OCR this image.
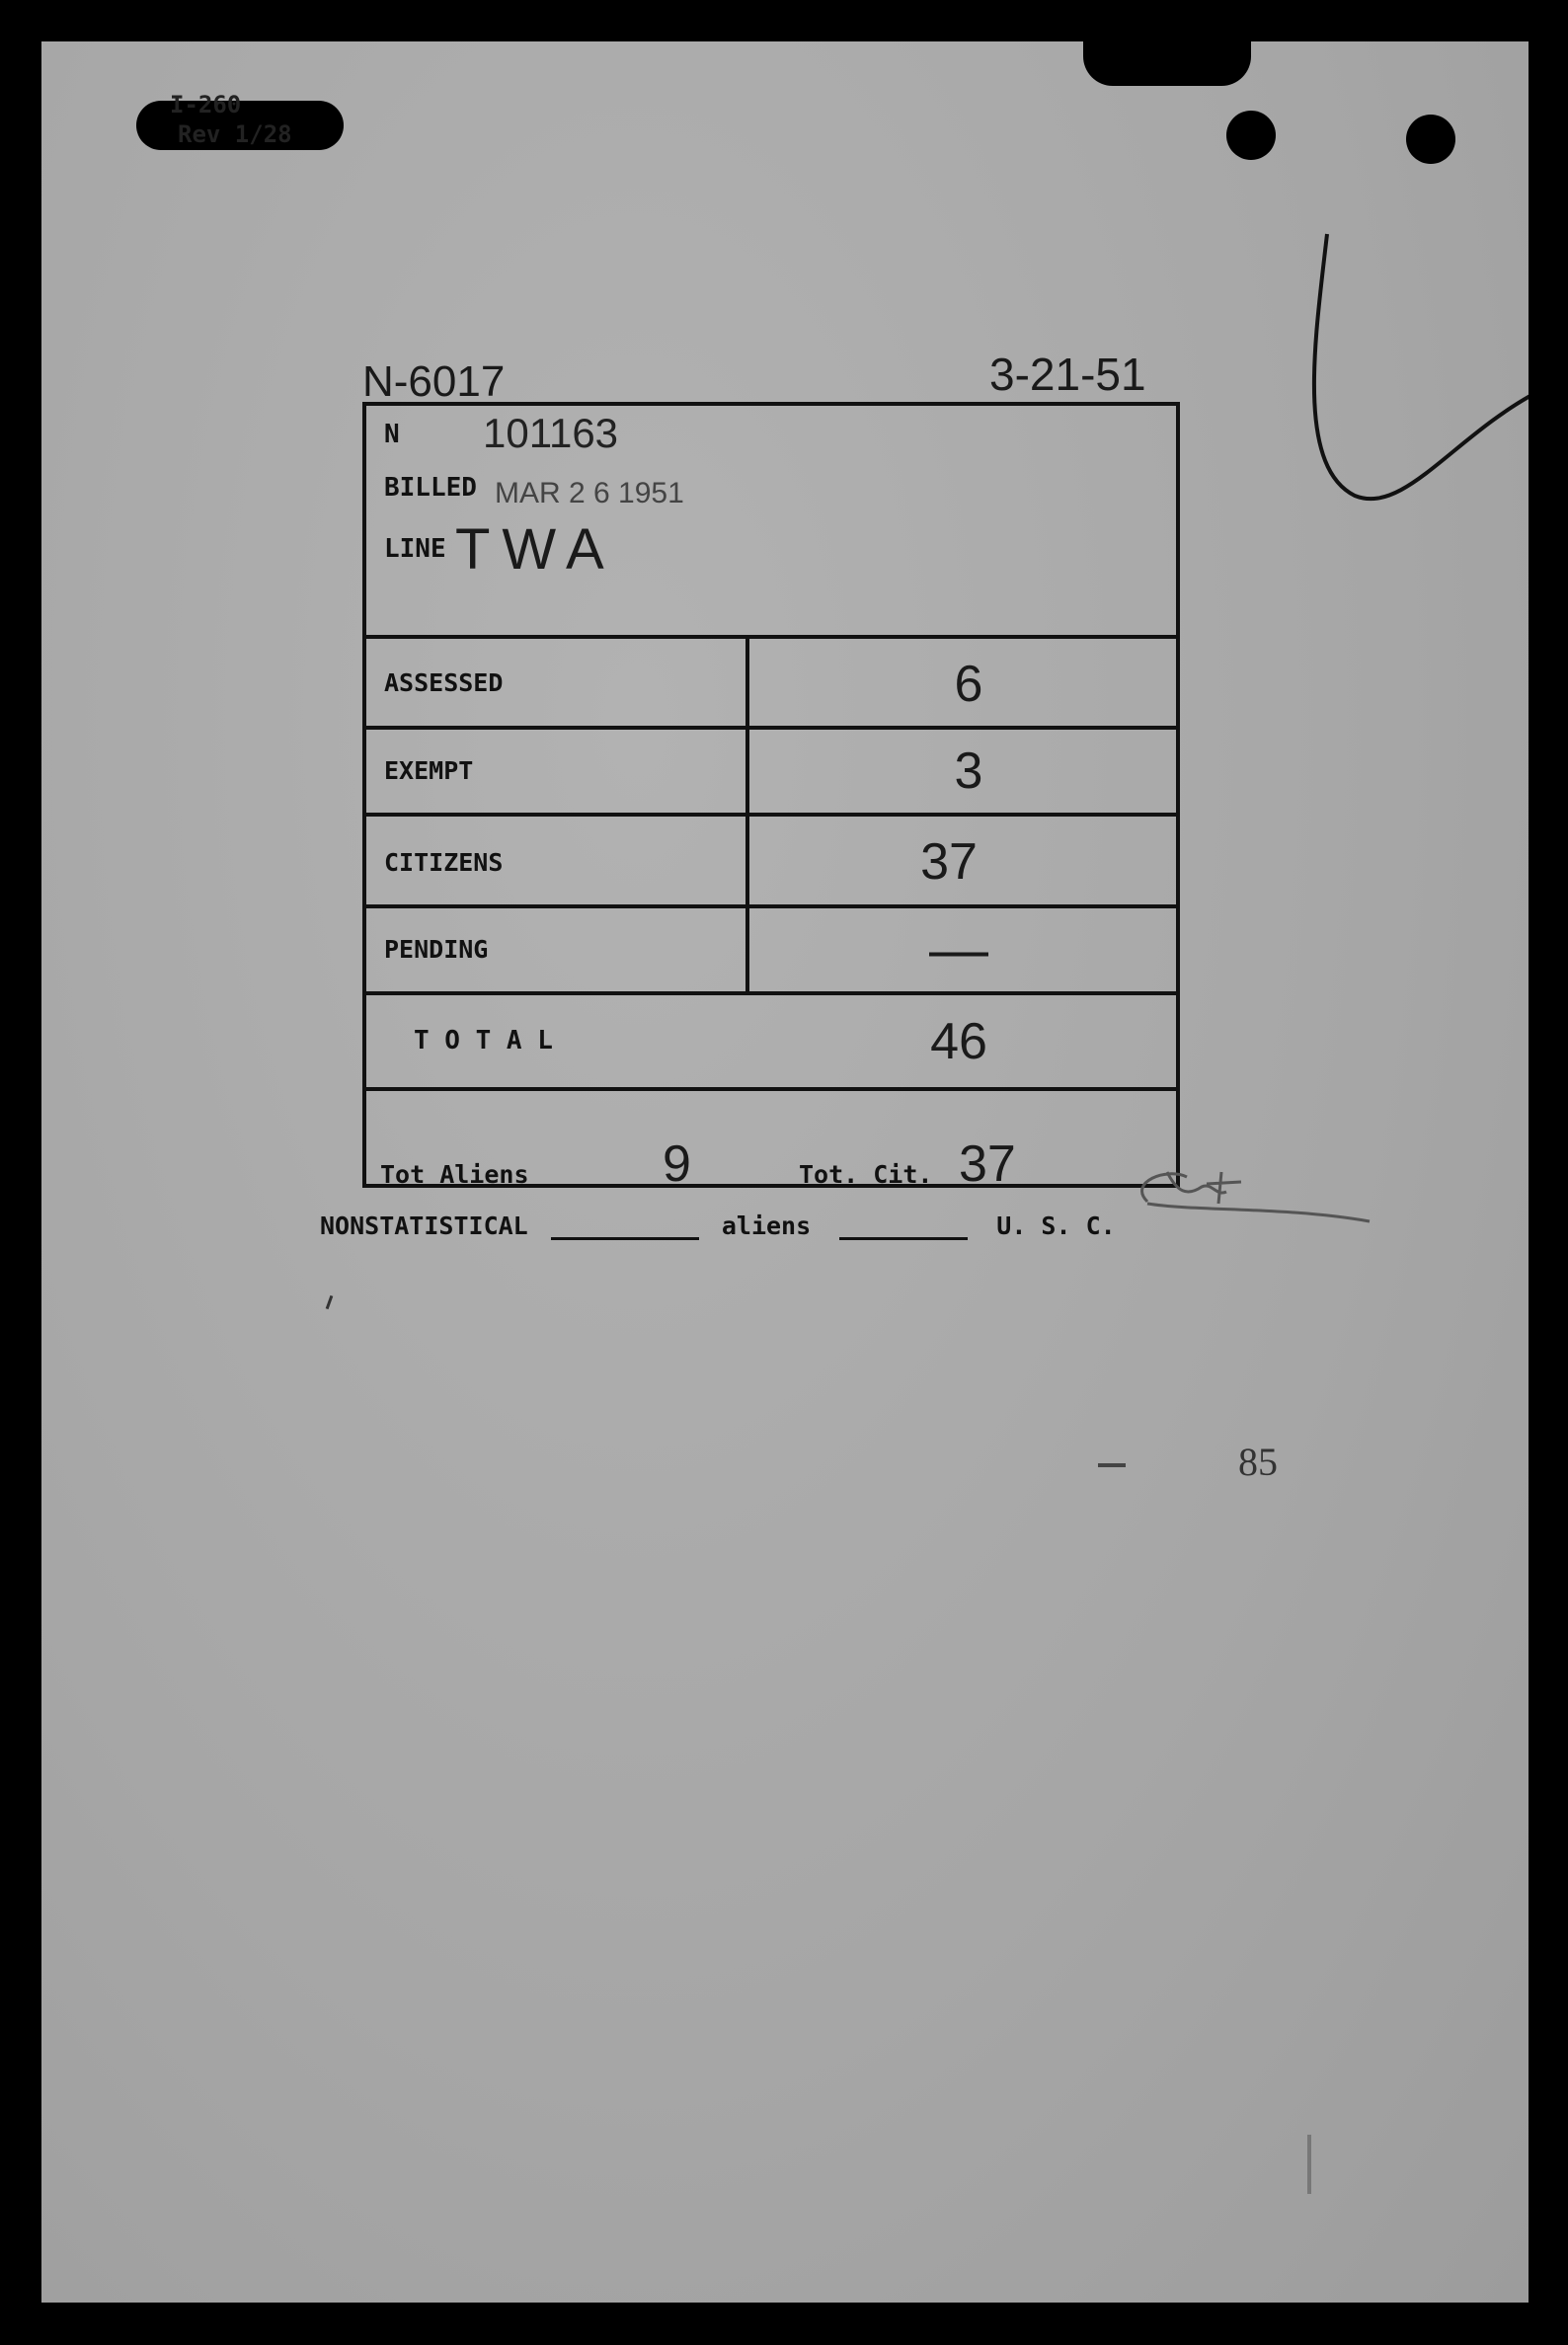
I-260
Rev 1/28
N-6017	3-21-51
N 101163
BILLED MAR 2 6 1951
LINE TWA
ASSESSED	6
EXEMPT	3
CITIZENS	37
PENDING	—
T O T A L	46
Tot Aliens	9	Tot. Cit. 37
NONSTATISTICAL	aliens	U. S. C.
85
